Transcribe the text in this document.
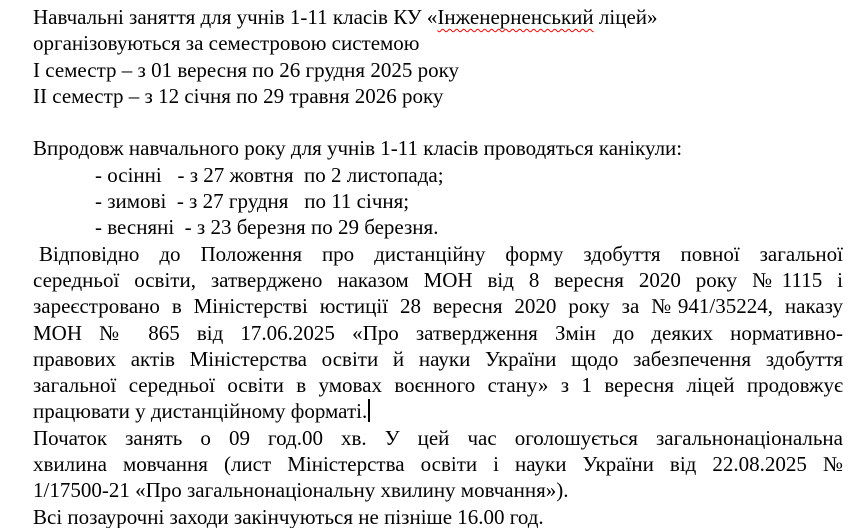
Навчальні заняття для учнів 1-11 класів КУ «Інженерненський ліцей»

організовуються за семестровою системою

І семестр – з 01 вересня по 26 грудня 2025 року

ІІ семестр – з 12 січня по 29 травня 2026 року

Впродовж навчального року для учнів 1-11 класів проводяться канікули:

- осінні   - з 27 жовтня  по 2 листопада;

- зимові  - з 27 грудня   по 11 січня;

- весняні  - з 23 березня по 29 березня.

Відповідно до Положення про дистанційну форму здобуття повної загальної
середньої освіти, затверджено наказом МОН від 8 вересня 2020 року №1115 і
зареєстровано в Міністерстві юстиції 28 вересня 2020 року за №941/35224, наказу
МОН № 865 від 17.06.2025 «Про затвердження Змін до деяких нормативно-
правових актів Міністерства освіти й науки України щодо забезпечення здобуття
загальної середньої освіти в умовах воєнного стану» з 1 вересня ліцей продовжує
працювати у дистанційному форматі.
Початок занять о 09 год.00 хв. У цей час оголошується загальнонаціональна
хвилина мовчання (лист Міністерства освіти і науки України від 22.08.2025 №
1/17500-21 «Про загальнонаціональну хвилину мовчання»).

Всі позаурочні заходи закінчуються не пізніше 16.00 год.
